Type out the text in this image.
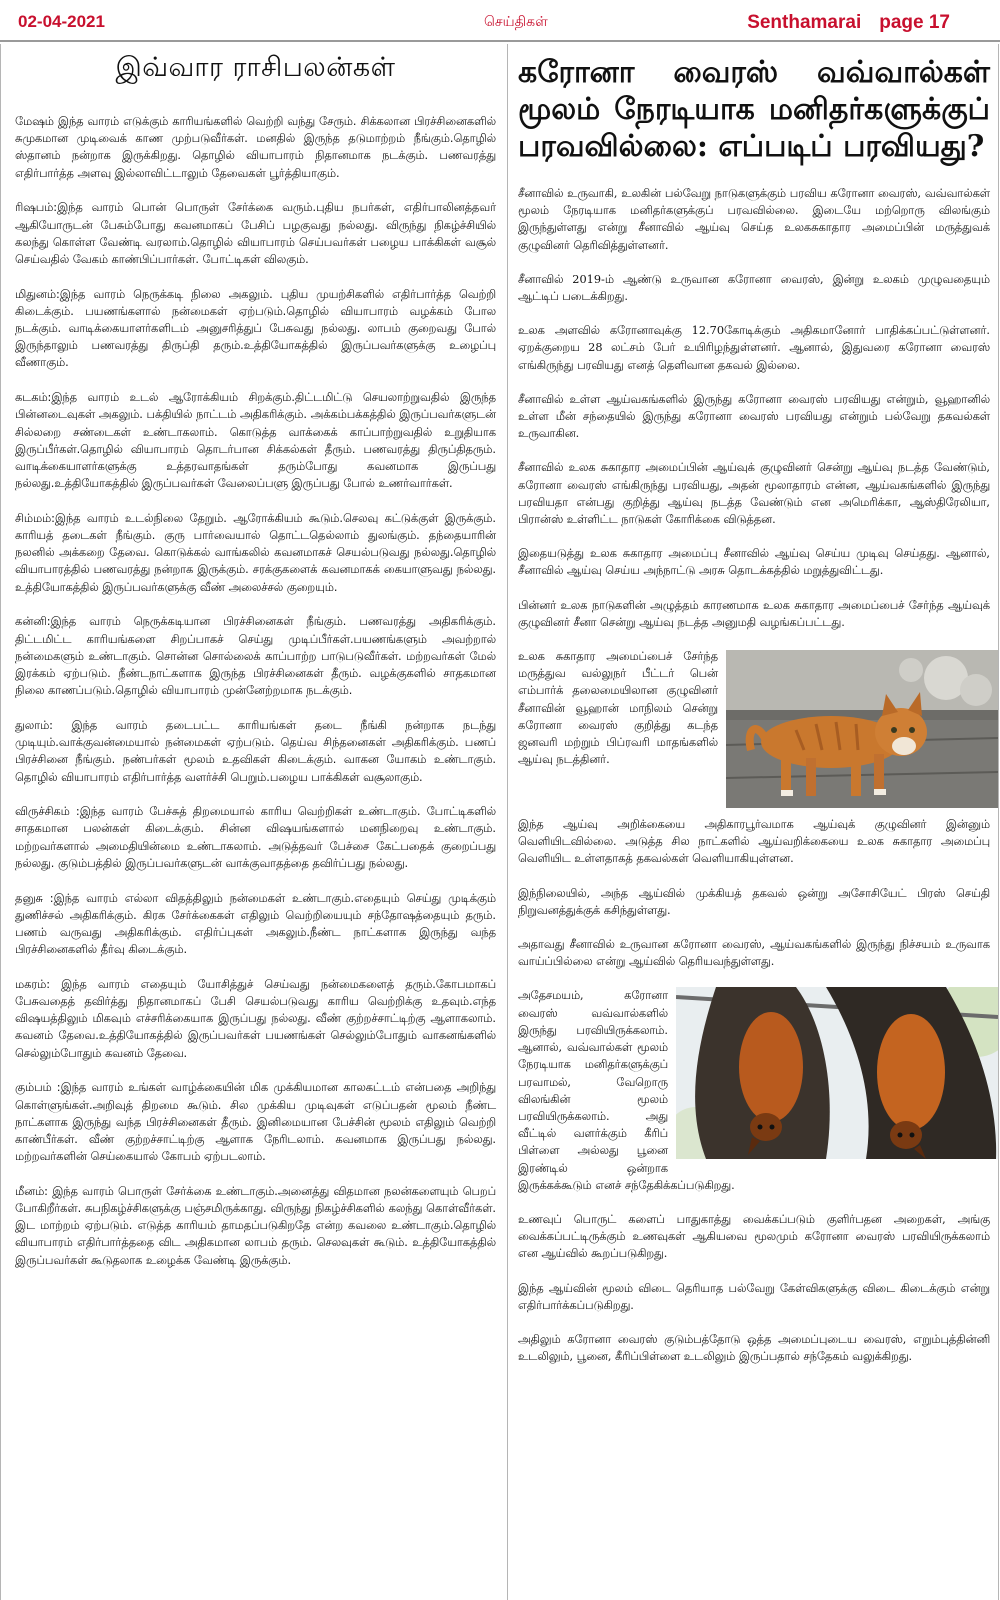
02-04-2021	செய்திகள்	Senthamarai page 17
இவ்வார ராசிபலன்கள்

மேஷம் இந்த வாரம் எடுக்கும் காரியங்களில் வெற்றி வந்து சேரும். சிக்கலான பிரச்சினைகளில் சுமுகமான முடிவைக் காண முற்படுவீர்கள். மனதில் இருந்த தடுமாற்றம் நீங்கும்.தொழில் ஸ்தானம் நன்றாக இருக்கிறது. தொழில் வியாபாரம் நிதானமாக நடக்கும். பணவரத்து எதிர்பார்த்த அளவு இல்லாவிட்டாலும் தேவைகள் பூர்த்தியாகும்.

ரிஷபம்:இந்த வாரம் பொன் பொருள் சேர்க்கை வரும்.புதிய நபர்கள், எதிர்பாலினத்தவர் ஆகியோருடன் பேசும்போது கவனமாகப் பேசிப் பழகுவது நல்லது. விருந்து நிகழ்ச்சியில் கலந்து கொள்ள வேண்டி வரலாம்.தொழில் வியாபாரம் செய்பவர்கள் பழைய பாக்கிகள் வசூல் செய்வதில் வேகம் காண்பிப்பார்கள். போட்டிகள் விலகும்.

மிதுனம்:இந்த வாரம் நெருக்கடி நிலை அகலும். புதிய முயற்சிகளில் எதிர்பார்த்த வெற்றி கிடைக்கும். பயணங்களால் நன்மைகள் ஏற்படும்.தொழில் வியாபாரம் வழக்கம் போல நடக்கும். வாடிக்கையாளர்களிடம் அனுசரித்துப் பேசுவது நல்லது. லாபம் குறைவது போல் இருந்தாலும் பணவரத்து திருப்தி தரும்.உத்தியோகத்தில் இருப்பவர்களுக்கு உழைப்பு வீணாகும்.

கடகம்:இந்த வாரம் உடல் ஆரோக்கியம் சிறக்கும்.திட்டமிட்டு செயலாற்றுவதில் இருந்த பின்னடைவுகள் அகலும். பக்தியில் நாட்டம் அதிகரிக்கும். அக்கம்பக்கத்தில் இருப்பவர்களுடன் சில்லறை சண்டைகள் உண்டாகலாம். கொடுத்த வாக்கைக் காப்பாற்றுவதில் உறுதியாக இருப்பீர்கள்.தொழில் வியாபாரம் தொடர்பான சிக்கல்கள் தீரும். பணவரத்து திருப்திதரும். வாடிக்கையாளர்களுக்கு உத்தரவாதங்கள் தரும்போது கவனமாக இருப்பது நல்லது.உத்தியோகத்தில் இருப்பவர்கள் வேலைப்பளு இருப்பது போல் உணர்வார்கள்.

சிம்மம்:இந்த வாரம் உடல்நிலை தேறும். ஆரோக்கியம் கூடும்.செலவு கட்டுக்குள் இருக்கும். காரியத் தடைகள் நீங்கும். குரு பார்வையால் தொட்டதெல்லாம் துலங்கும். தந்தையாரின் நலனில் அக்கறை தேவை. கொடுக்கல் வாங்கலில் கவனமாகச் செயல்படுவது நல்லது.தொழில் வியாபாரத்தில் பணவரத்து நன்றாக இருக்கும். சரக்குகளைக் கவனமாகக் கையாளுவது நல்லது. உத்தியோகத்தில் இருப்பவர்களுக்கு வீண் அலைச்சல் குறையும்.

கன்னி:இந்த வாரம் நெருக்கடியான பிரச்சினைகள் நீங்கும். பணவரத்து அதிகரிக்கும். திட்டமிட்ட காரியங்களை சிறப்பாகச் செய்து முடிப்பீர்கள்.பயணங்களும் அவற்றால் நன்மைகளும் உண்டாகும். சொன்ன சொல்லைக் காப்பாற்ற பாடுபடுவீர்கள். மற்றவர்கள் மேல் இரக்கம் ஏற்படும். நீண்டநாட்களாக இருந்த பிரச்சினைகள் தீரும். வழக்குகளில் சாதகமான நிலை காணப்படும்.தொழில் வியாபாரம் முன்னேற்றமாக நடக்கும்.

துலாம்: இந்த வாரம் தடைபட்ட காரியங்கள் தடை நீங்கி நன்றாக நடந்து முடியும்.வாக்குவன்மையால் நன்மைகள் ஏற்படும். தெய்வ சிந்தனைகள் அதிகரிக்கும். பணப் பிரச்சினை நீங்கும். நண்பர்கள் மூலம் உதவிகள் கிடைக்கும். வாகன யோகம் உண்டாகும். தொழில் வியாபாரம் எதிர்பார்த்த வளர்ச்சி பெறும்.பழைய பாக்கிகள் வசூலாகும்.

விருச்சிகம் :இந்த வாரம் பேச்சுத் திறமையால் காரிய வெற்றிகள் உண்டாகும். போட்டிகளில் சாதகமான பலன்கள் கிடைக்கும். சின்ன விஷயங்களால் மனநிறைவு உண்டாகும். மற்றவர்களால் அமைதியின்மை உண்டாகலாம். அடுத்தவர் பேச்சை கேட்பதைக் குறைப்பது நல்லது. குடும்பத்தில் இருப்பவர்களுடன் வாக்குவாதத்தை தவிர்ப்பது நல்லது.

தனுசு :இந்த வாரம் எல்லா விதத்திலும் நன்மைகள் உண்டாகும்.எதையும் செய்து முடிக்கும் துணிச்சல் அதிகரிக்கும். கிரக சேர்க்கைகள் எதிலும் வெற்றியையும் சந்தோஷத்தையும் தரும். பணம் வருவது அதிகரிக்கும். எதிர்ப்புகள் அகலும்.நீண்ட நாட்களாக இருந்து வந்த பிரச்சினைகளில் தீர்வு கிடைக்கும்.

மகரம்: இந்த வாரம் எதையும் யோசித்துச் செய்வது நன்மைகளைத் தரும்.கோபமாகப் பேசுவதைத் தவிர்த்து நிதானமாகப் பேசி செயல்படுவது காரிய வெற்றிக்கு உதவும்.எந்த விஷயத்திலும் மிகவும் எச்சரிக்கையாக இருப்பது நல்லது. வீண் குற்றச்சாட்டிற்கு ஆளாகலாம். கவனம் தேவை.உத்தியோகத்தில் இருப்பவர்கள் பயணங்கள் செல்லும்போதும் வாகனங்களில் செல்லும்போதும் கவனம் தேவை.

கும்பம் :இந்த வாரம் உங்கள் வாழ்க்கையின் மிக முக்கியமான காலகட்டம் என்பதை அறிந்து கொள்ளுங்கள்.அறிவுத் திறமை கூடும். சில முக்கிய முடிவுகள் எடுப்பதன் மூலம் நீண்ட நாட்களாக இருந்து வந்த பிரச்சினைகள் தீரும். இனிமையான பேச்சின் மூலம் எதிலும் வெற்றி காண்பீர்கள். வீண் குற்றச்சாட்டிற்கு ஆளாக நேரிடலாம். கவனமாக இருப்பது நல்லது. மற்றவர்களின் செய்கையால் கோபம் ஏற்படலாம்.

மீனம்: இந்த வாரம் பொருள் சேர்க்கை உண்டாகும்.அனைத்து விதமான நலன்களையும் பெறப் போகிறீர்கள். சுபநிகழ்ச்சிகளுக்கு பஞ்சமிருக்காது. விருந்து நிகழ்ச்சிகளில் கலந்து கொள்வீர்கள். இட மாற்றம் ஏற்படும். எடுத்த காரியம் தாமதப்படுகிறதே என்ற கவலை உண்டாகும்.தொழில் வியாபாரம் எதிர்பார்த்ததை விட அதிகமான லாபம் தரும். செலவுகள் கூடும். உத்தியோகத்தில் இருப்பவர்கள் கூடுதலாக உழைக்க வேண்டி இருக்கும்.

கரோனா வைரஸ் வவ்வால்கள் மூலம் நேரடியாக மனிதர்களுக்குப் பரவவில்லை: எப்படிப் பரவியது?

சீனாவில் உருவாகி, உலகின் பல்வேறு நாடுகளுக்கும் பரவிய கரோனா வைரஸ், வவ்வால்கள் மூலம் நேரடியாக மனிதர்களுக்குப் பரவவில்லை. இடையே மற்றொரு விலங்கும் இருந்துள்ளது என்று சீனாவில் ஆய்வு செய்த உலகசுகாதார அமைப்பின் மருத்துவக் குழுவினர் தெரிவித்துள்ளனர்.

சீனாவில் 2019-ம் ஆண்டு உருவான கரோனா வைரஸ், இன்று உலகம் முழுவதையும் ஆட்டிப் படைக்கிறது.

உலக அளவில் கரோனாவுக்கு 12.70கோடிக்கும் அதிகமானோர் பாதிக்கப்பட்டுள்ளனர். ஏறக்குறைய 28 லட்சம் பேர் உயிரிழந்துள்ளனர். ஆனால், இதுவரை கரோனா வைரஸ் எங்கிருந்து பரவியது எனத் தெளிவான தகவல் இல்லை.

சீனாவில் உள்ள ஆய்வகங்களில் இருந்து கரோனா வைரஸ் பரவியது என்றும், வூஹானில் உள்ள மீன் சந்தையில் இருந்து கரோனா வைரஸ் பரவியது என்றும் பல்வேறு தகவல்கள் உருவாகின.

சீனாவில் உலக சுகாதார அமைப்பின் ஆய்வுக் குழுவினர் சென்று ஆய்வு நடத்த வேண்டும், கரோனா வைரஸ் எங்கிருந்து பரவியது, அதன் மூலாதாரம் என்ன, ஆய்வகங்களில் இருந்து பரவியதா என்பது குறித்து ஆய்வு நடத்த வேண்டும் என அமெரிக்கா, ஆஸ்திரேலியா, பிரான்ஸ் உள்ளிட்ட நாடுகள் கோரிக்கை விடுத்தன.

இதையடுத்து உலக சுகாதார அமைப்பு சீனாவில் ஆய்வு செய்ய முடிவு செய்தது. ஆனால், சீனாவில் ஆய்வு செய்ய அந்நாட்டு அரசு தொடக்கத்தில் மறுத்துவிட்டது.

பின்னர் உலக நாடுகளின் அழுத்தம் காரணமாக உலக சுகாதார அமைப்பைச் சேர்ந்த ஆய்வுக் குழுவினர் சீனா சென்று ஆய்வு நடத்த அனுமதி வழங்கப்பட்டது.

உலக சுகாதார அமைப்பைச் சேர்ந்த மருத்துவ வல்லுநர் பீட்டர் பென் எம்பார்க் தலைமையிலான குழுவினர் சீனாவின் வூஹான் மாநிலம் சென்று கரோனா வைரஸ் குறித்து கடந்த ஜனவரி மற்றும் பிப்ரவரி மாதங்களில் ஆய்வு நடத்தினர்.

இந்த ஆய்வு அறிக்கையை அதிகாரபூர்வமாக ஆய்வுக் குழுவினர் இன்னும் வெளியிடவில்லை. அடுத்த சில நாட்களில் ஆய்வறிக்கையை உலக சுகாதார அமைப்பு வெளியிட உள்ளதாகத் தகவல்கள் வெளியாகியுள்ளன.

இந்நிலையில், அந்த ஆய்வில் முக்கியத் தகவல் ஒன்று அசோசியேட் பிரஸ் செய்தி நிறுவனத்துக்குக் கசிந்துள்ளது.

அதாவது சீனாவில் உருவான கரோனா வைரஸ், ஆய்வகங்களில் இருந்து நிச்சயம் உருவாக வாய்ப்பில்லை என்று ஆய்வில் தெரியவந்துள்ளது.

அதேசமயம், கரோனா வைரஸ் வவ்வால்களில் இருந்து பரவியிருக்கலாம். ஆனால், வவ்வால்கள் மூலம் நேரடியாக மனிதர்களுக்குப் பரவாமல், வேறொரு விலங்கின் மூலம் பரவியிருக்கலாம். அது வீட்டில் வளர்க்கும் கீரிப் பிள்ளை அல்லது பூனை இரண்டில் ஒன்றாக இருக்கக்கூடும் எனச் சந்தேகிக்கப்படுகிறது.

உணவுப் பொருட் களைப் பாதுகாத்து வைக்கப்படும் குளிர்பதன அறைகள், அங்கு வைக்கப்பட்டிருக்கும் உணவுகள் ஆகியவை மூலமும் கரோனா வைரஸ் பரவியிருக்கலாம் என ஆய்வில் கூறப்படுகிறது.

இந்த ஆய்வின் மூலம் விடை தெரியாத பல்வேறு கேள்விகளுக்கு விடை கிடைக்கும் என்று எதிர்பார்க்கப்படுகிறது.

அதிலும் கரோனா வைரஸ் குடும்பத்தோடு ஒத்த அமைப்புடைய வைரஸ், எறும்புத்தின்னி உடலிலும், பூனை, கீரிப்பிள்ளை உடலிலும் இருப்பதால் சந்தேகம் வலுக்கிறது.
